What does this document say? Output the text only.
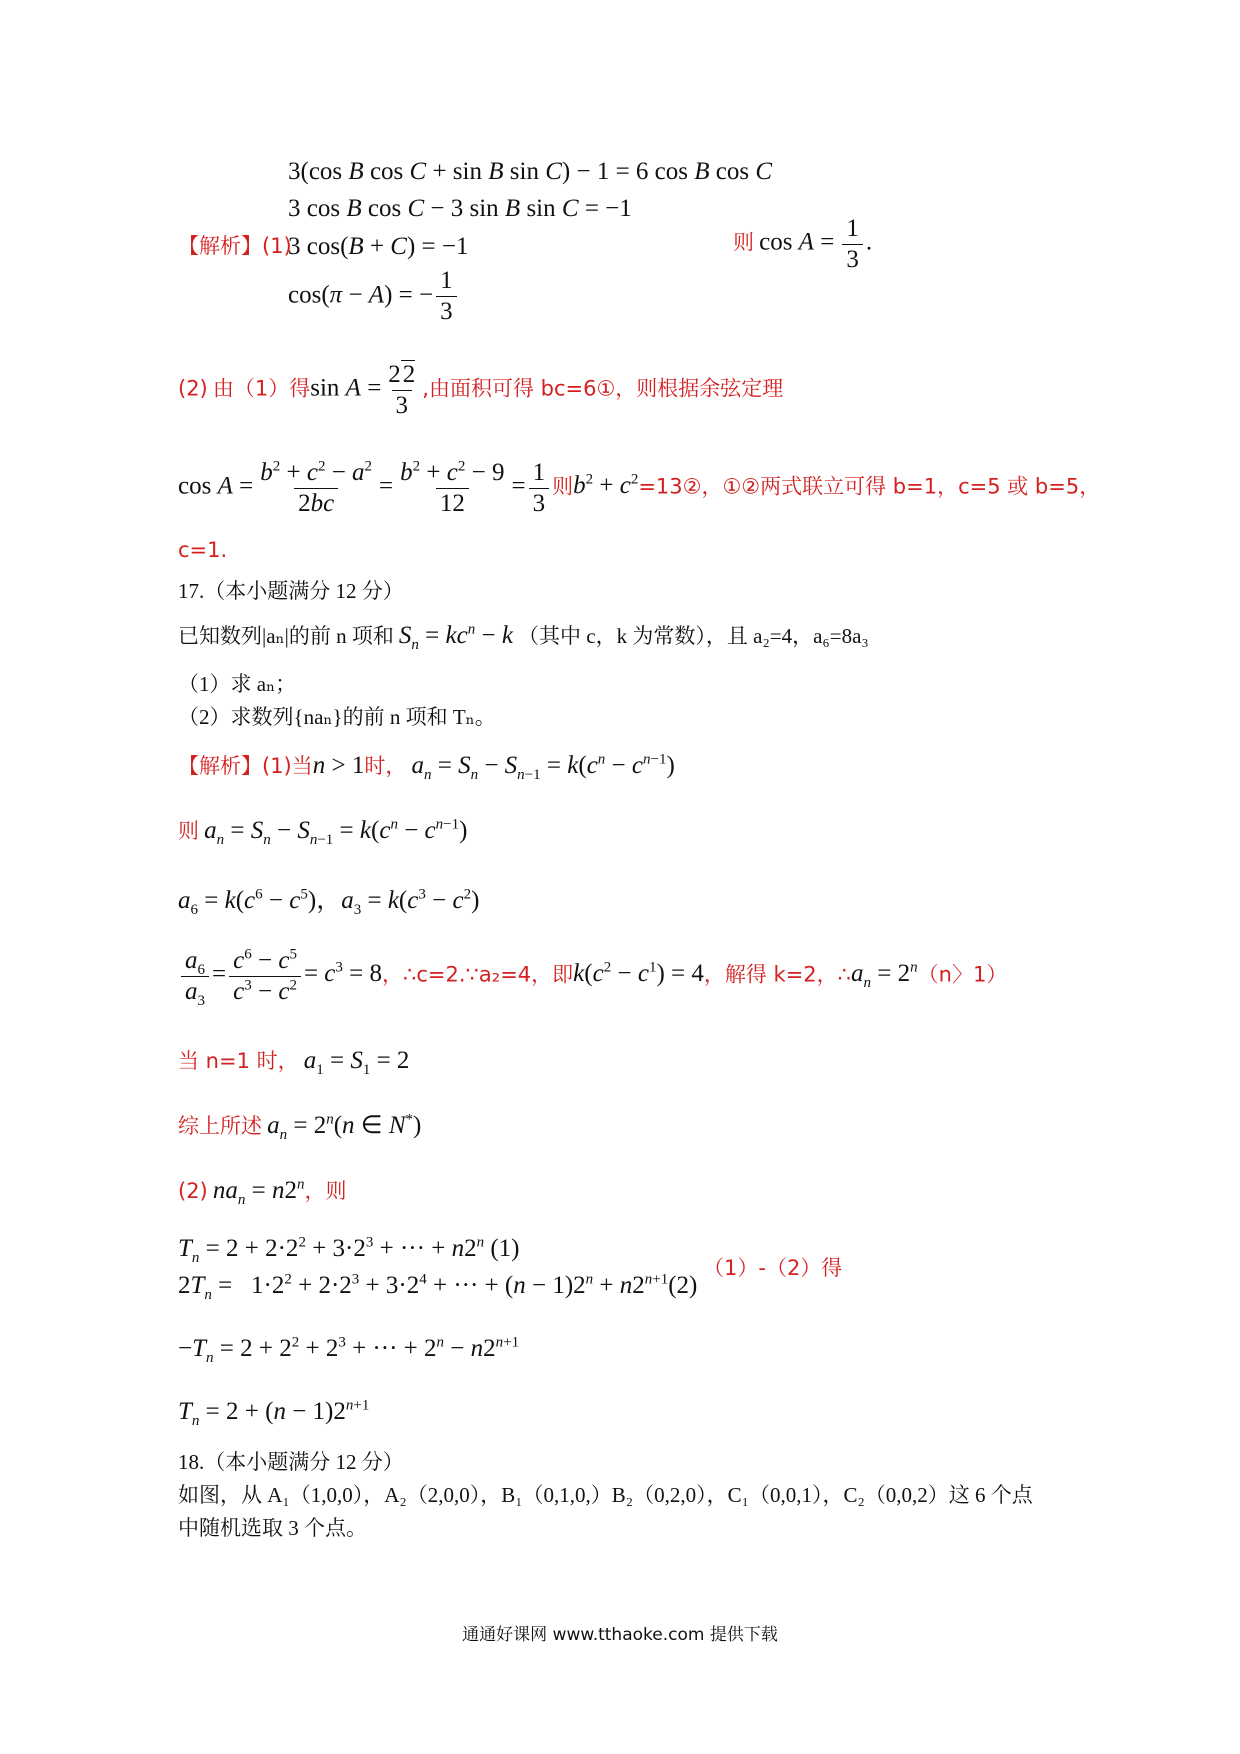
3(cos B cos C + sin B sin C) − 1 = 6 cos B cos C
3 cos B cos C − 3 sin B sin C = −1
【解析】(1)
3 cos(B + C) = −1	则 $\cos A = \frac{1}{3}$ .
cos(π − A) = − $\frac{1}{3}$
(2) 由（1）得$\sin A = \frac{22}{3}$ ,由面积可得 bc=6①，则根据余弦定理
$\cos A = \frac{b^2 + c^2 - a^2}{2bc} = \frac{b^2 + c^2 - 9}{12} = \frac{1}{3}$ 则$b^2$ + $c^2=13②$，①②两式联立可得 b=1，c=5 或 b=5，
c=1.
17.（本小题满分 12 分）
已知数列|aₙ|的前 n 项和 $S_n = kc^n - k$ （其中 c，k 为常数），且 a₂=4，a₆=8a₃
（1）求 aₙ；
（2）求数列{naₙ}的前 n 项和 Tₙ。
【解析】(1)当n > 1时， $a_n = S_n - S_{n-1} = k(c^n - c^{n-1})$
则 $a_n = S_n - S_{n-1} = k(c^n - c^{n-1})$
$a_6 = k(c^6 - c^5)$，$a_3 = k(c^3 - c^2)$
$\frac{a_6}{a_3} = \frac{c^6 - c^5}{c^3 - c^2} = c^3 = 8$，∴c=2.∵a₂=4，即$k(c^2 - c^1) = 4$，解得 k=2，$\therefore a_n = 2^n(n$〉1）
当 n=1 时， $a_1 = S_1 = 2$
综上所述 $a_n = 2^n(n$ ∈ N*)
(2) $na_n = n2^n$，则
$T_n = 2 + 2\cdot 2^2 + 3\cdot 2^3$ + ··· + $n2^n$ (1)
$2T_n = 1\cdot 2^2 + 2\cdot 2^3 + 3\cdot 2^4$ + ··· + $(n - 1)2^n + n2^{n+1}(2)$
（1）-（2）得
$-T_n = 2 + 2^2 + 2^3$ + ··· + $2^n - n2^{n+1}$
$T_n = 2 + (n - 1)2^{n+1}$
18.（本小题满分 12 分）
如图，从 A₁（1,0,0），A₂（2,0,0），B₁（0,1,0,）B₂（0,2,0），C₁（0,0,1），C₂（0,0,2）这 6 个点
中随机选取 3 个点。
通通好课网 www.tthaoke.com 提供下载
